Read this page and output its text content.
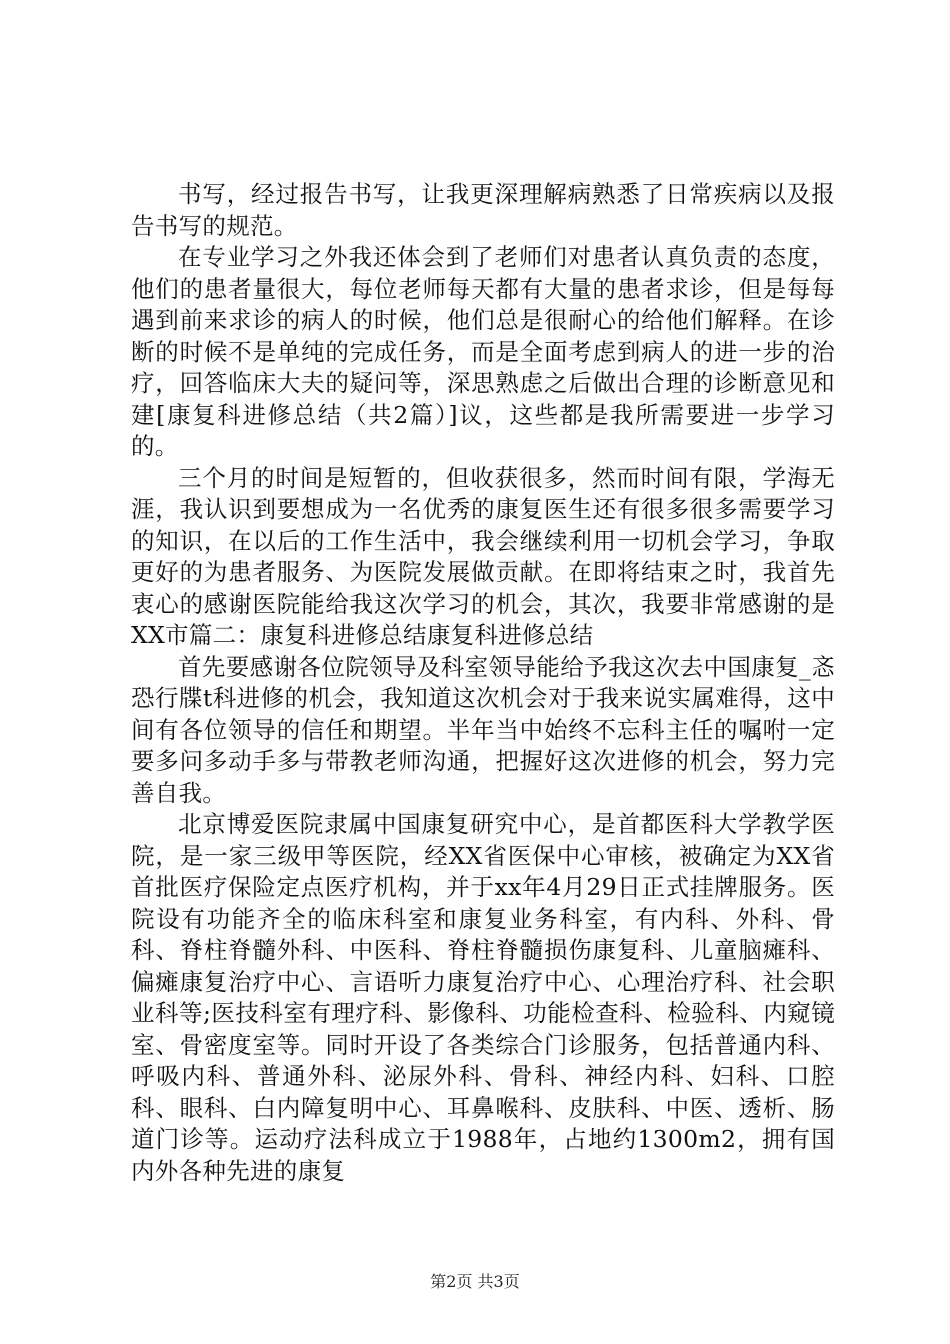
书写，经过报告书写，让我更深理解病熟悉了日常疾病以及报告书写的规范。

在专业学习之外我还体会到了老师们对患者认真负责的态度，他们的患者量很大，每位老师每天都有大量的患者求诊，但是每每遇到前来求诊的病人的时候，他们总是很耐心的给他们解释。在诊断的时候不是单纯的完成任务，而是全面考虑到病人的进一步的治疗，回答临床大夫的疑问等，深思熟虑之后做出合理的诊断意见和建[康复科进修总结（共2篇）]议，这些都是我所需要进一步学习的。

三个月的时间是短暂的，但收获很多，然而时间有限，学海无涯，我认识到要想成为一名优秀的康复医生还有很多很多需要学习的知识，在以后的工作生活中，我会继续利用一切机会学习，争取更好的为患者服务、为医院发展做贡献。在即将结束之时，我首先衷心的感谢医院能给我这次学习的机会，其次，我要非常感谢的是XX市篇二：康复科进修总结康复科进修总结

首先要感谢各位院领导及科室领导能给予我这次去中国康复_忞恐行牒t科进修的机会，我知道这次机会对于我来说实属难得，这中间有各位领导的信任和期望。半年当中始终不忘科主任的嘱咐一定要多问多动手多与带教老师沟通，把握好这次进修的机会，努力完善自我。

北京博爱医院隶属中国康复研究中心，是首都医科大学教学医院，是一家三级甲等医院，经XX省医保中心审核，被确定为XX省首批医疗保险定点医疗机构，并于xx年4月29日正式挂牌服务。医院设有功能齐全的临床科室和康复业务科室，有内科、外科、骨科、脊柱脊髓外科、中医科、脊柱脊髓损伤康复科、儿童脑瘫科、偏瘫康复治疗中心、言语听力康复治疗中心、心理治疗科、社会职业科等;医技科室有理疗科、影像科、功能检查科、检验科、内窥镜室、骨密度室等。同时开设了各类综合门诊服务，包括普通内科、呼吸内科、普通外科、泌尿外科、骨科、神经内科、妇科、口腔科、眼科、白内障复明中心、耳鼻喉科、皮肤科、中医、透析、肠道门诊等。运动疗法科成立于1988年，占地约1300m2，拥有国内外各种先进的康复

第2页 共3页
